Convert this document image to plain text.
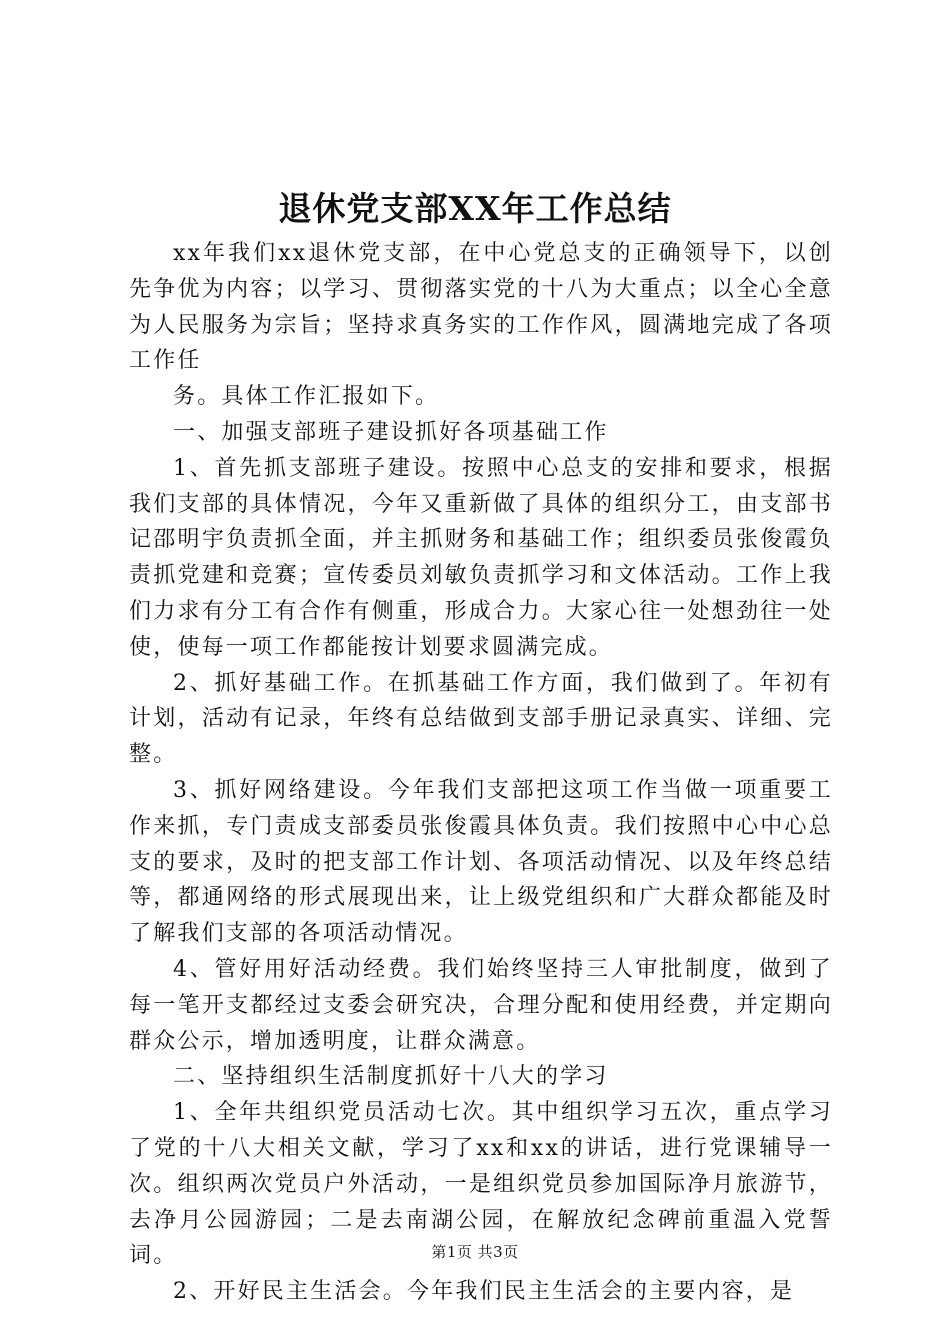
退休党支部XX年工作总结

xx年我们xx退休党支部，在中心党总支的正确领导下，以创先争优为内容；以学习、贯彻落实党的十八为大重点；以全心全意为人民服务为宗旨；坚持求真务实的工作作风，圆满地完成了各项工作任

务。具体工作汇报如下。

一、加强支部班子建设抓好各项基础工作

1、首先抓支部班子建设。按照中心总支的安排和要求，根据我们支部的具体情况，今年又重新做了具体的组织分工，由支部书记邵明宇负责抓全面，并主抓财务和基础工作；组织委员张俊霞负责抓党建和竞赛；宣传委员刘敏负责抓学习和文体活动。工作上我们力求有分工有合作有侧重，形成合力。大家心往一处想劲往一处使，使每一项工作都能按计划要求圆满完成。

2、抓好基础工作。在抓基础工作方面，我们做到了。年初有计划，活动有记录，年终有总结做到支部手册记录真实、详细、完整。

3、抓好网络建设。今年我们支部把这项工作当做一项重要工作来抓，专门责成支部委员张俊霞具体负责。我们按照中心中心总支的要求，及时的把支部工作计划、各项活动情况、以及年终总结等，都通网络的形式展现出来，让上级党组织和广大群众都能及时了解我们支部的各项活动情况。

4、管好用好活动经费。我们始终坚持三人审批制度，做到了每一笔开支都经过支委会研究决，合理分配和使用经费，并定期向群众公示，增加透明度，让群众满意。

二、坚持组织生活制度抓好十八大的学习

1、全年共组织党员活动七次。其中组织学习五次，重点学习了党的十八大相关文献，学习了xx和xx的讲话，进行党课辅导一次。组织两次党员户外活动，一是组织党员参加国际净月旅游节，去净月公园游园；二是去南湖公园，在解放纪念碑前重温入党誓词。

2、开好民主生活会。今年我们民主生活会的主要内容，是

第1页 共3页
